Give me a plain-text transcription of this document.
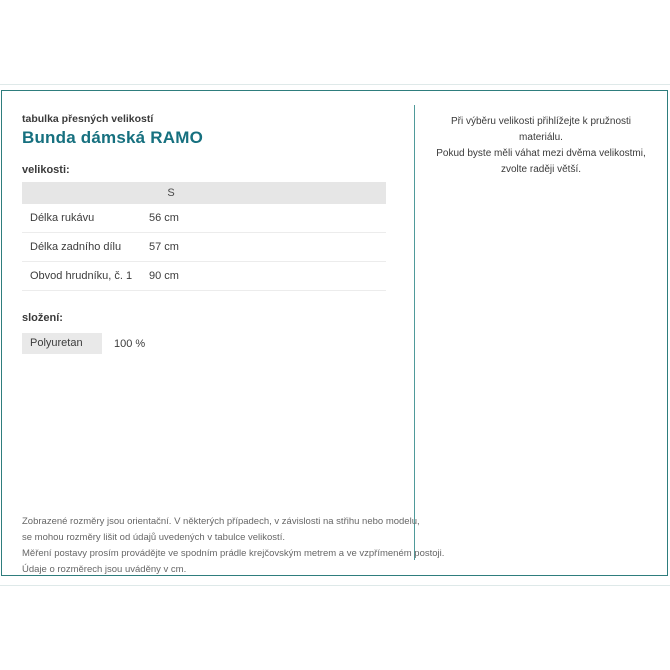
tabulka přesných velikostí
Bunda dámská RAMO
velikosti:
S
Délka rukávu	56 cm
Délka zadního dílu	57 cm
Obvod hrudníku, č. 1	90 cm
složení:
Polyuretan	100 %
Zobrazené rozměry jsou orientační. V některých případech, v závislosti na střihu nebo modelu,
se mohou rozměry lišit od údajů uvedených v tabulce velikostí.
Měření postavy prosím provádějte ve spodním prádle krejčovským metrem a ve vzpřímeném postoji.
Údaje o rozměrech jsou uváděny v cm.
Při výběru velikosti přihlížejte k pružnosti materiálu.
Pokud byste měli váhat mezi dvěma velikostmi,
zvolte raději větší.
